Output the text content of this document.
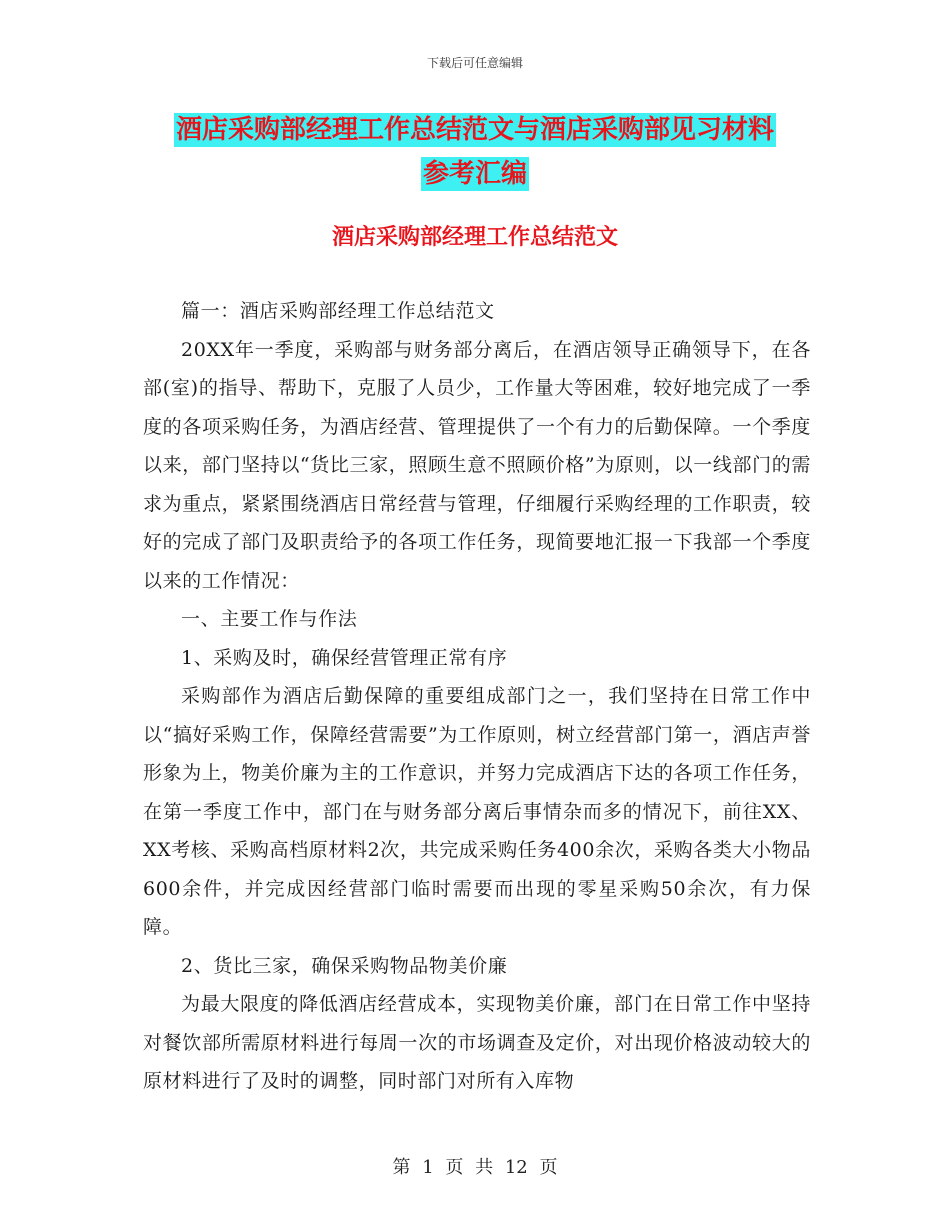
下载后可任意编辑
酒店采购部经理工作总结范文与酒店采购部见习材料
参考汇编
酒店采购部经理工作总结范文

篇一：酒店采购部经理工作总结范文

20XX年一季度，采购部与财务部分离后，在酒店领导正确领导下，在各部(室)的指导、帮助下，克服了人员少，工作量大等困难，较好地完成了一季度的各项采购任务，为酒店经营、管理提供了一个有力的后勤保障。一个季度以来，部门坚持以“货比三家，照顾生意不照顾价格”为原则，以一线部门的需求为重点，紧紧围绕酒店日常经营与管理，仔细履行采购经理的工作职责，较好的完成了部门及职责给予的各项工作任务，现简要地汇报一下我部一个季度以来的工作情况：

一、主要工作与作法

1、采购及时，确保经营管理正常有序

采购部作为酒店后勤保障的重要组成部门之一，我们坚持在日常工作中以“搞好采购工作，保障经营需要”为工作原则，树立经营部门第一，酒店声誉形象为上，物美价廉为主的工作意识，并努力完成酒店下达的各项工作任务，在第一季度工作中，部门在与财务部分离后事情杂而多的情况下，前往XX、XX考核、采购高档原材料2次，共完成采购任务400余次，采购各类大小物品600余件，并完成因经营部门临时需要而出现的零星采购50余次，有力保障。

2、货比三家，确保采购物品物美价廉

为最大限度的降低酒店经营成本，实现物美价廉，部门在日常工作中坚持对餐饮部所需原材料进行每周一次的市场调查及定价，对出现价格波动较大的原材料进行了及时的调整，同时部门对所有入库物

第 1 页 共 12 页
